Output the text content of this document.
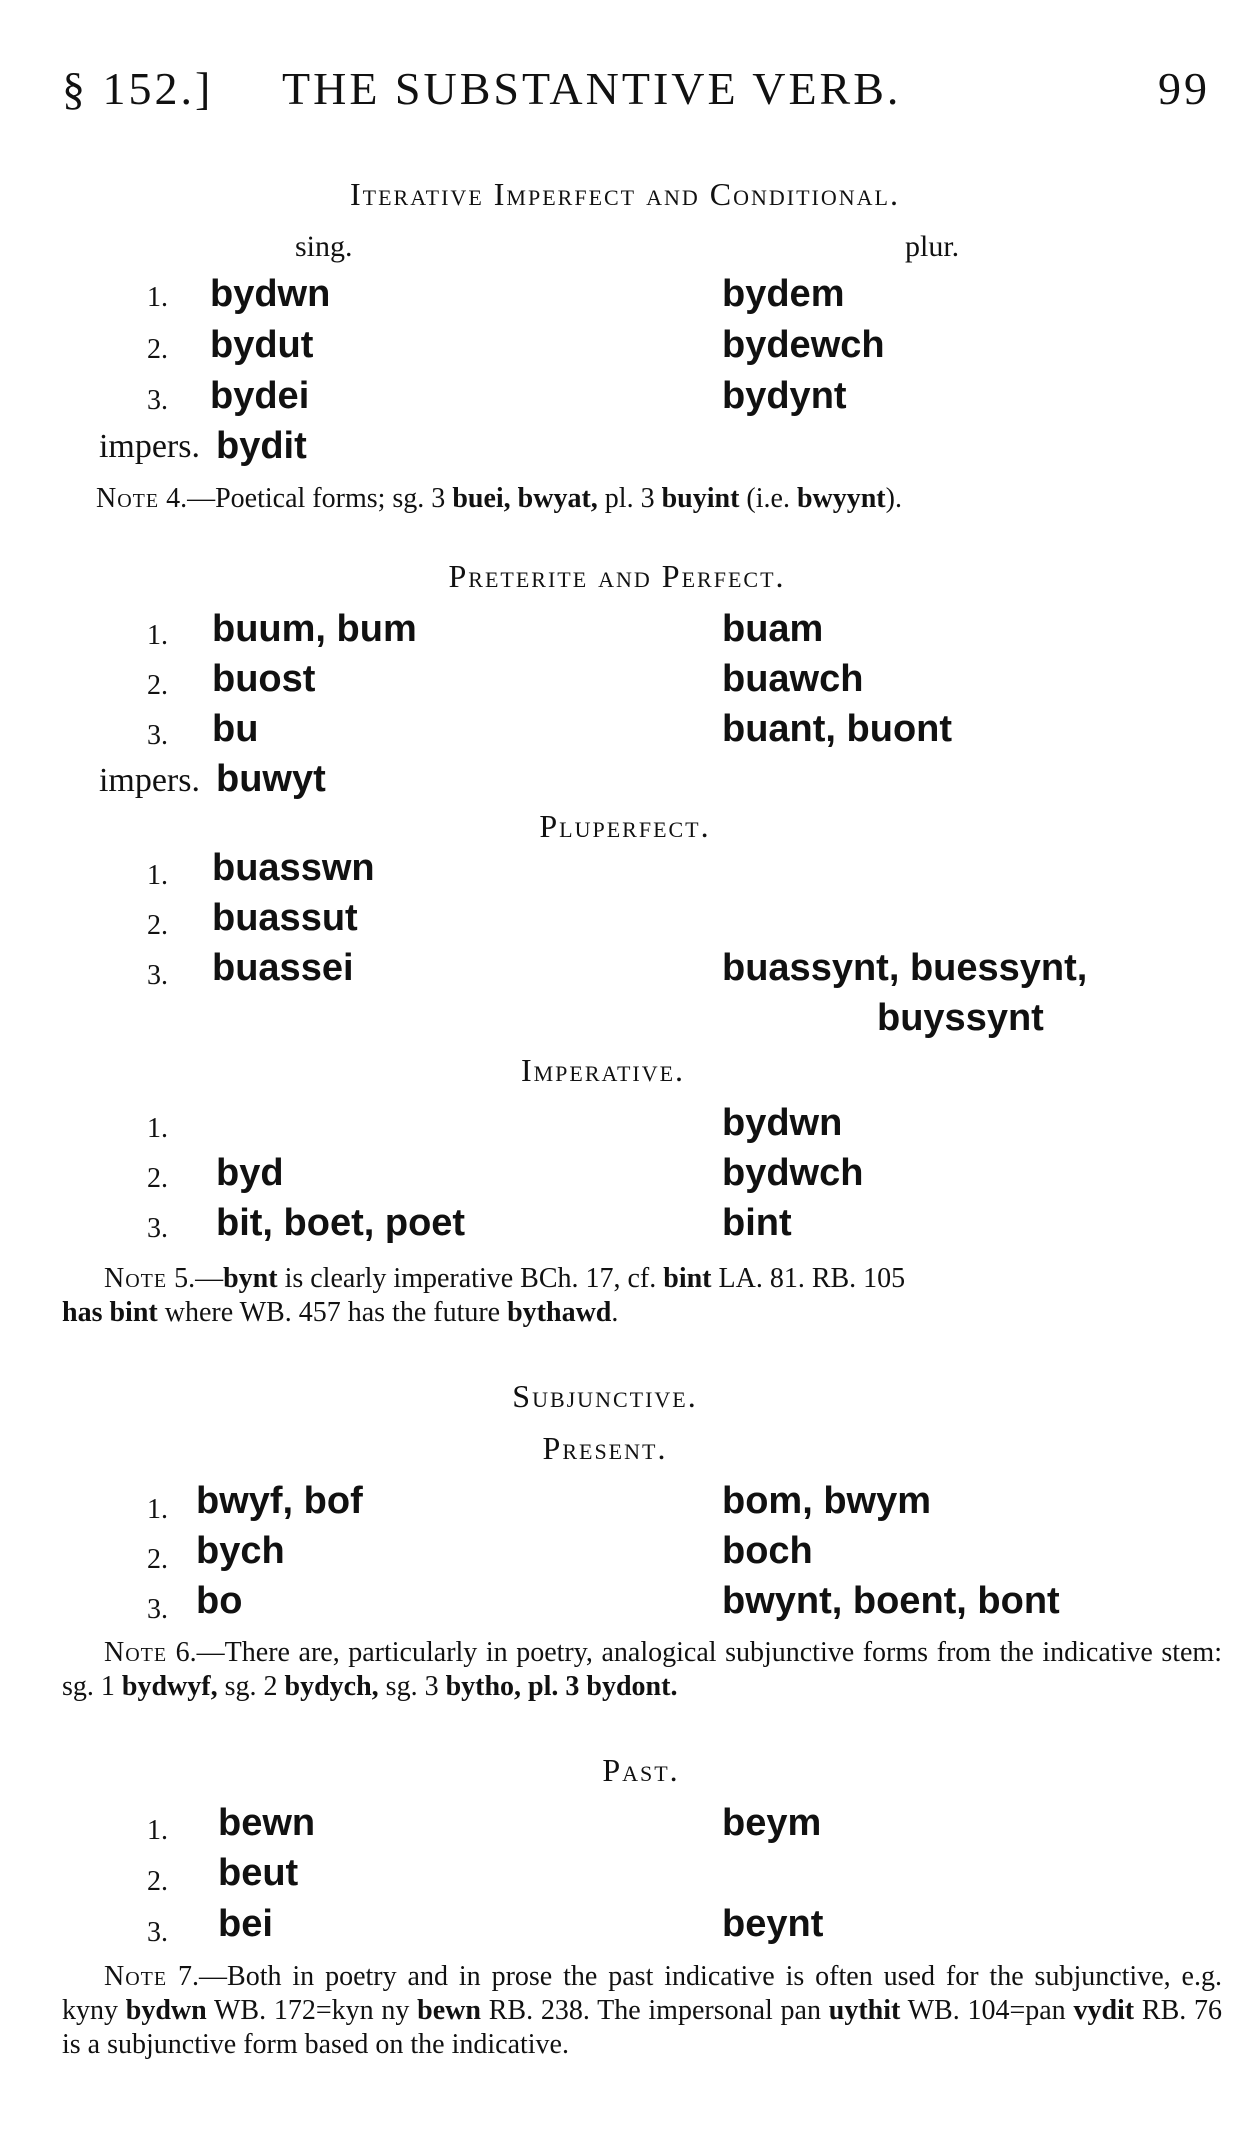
§ 152.] THE SUBSTANTIVE VERB.	99
Iterative Imperfect and Conditional.
sing.	plur.
1. bydwn	bydem
2. bydut	bydewch
3. bydei	bydynt
impers. bydit
Note 4.—Poetical forms; sg. 3 buei, bwyat, pl. 3 buyint (i.e. bwyynt).
Preterite and Perfect.
1. buum, bum	buam
2. buost	buawch
3. bu	buant, buont
impers. buwyt
Pluperfect.
1. buasswn
2. buassut
3. buassei	buassynt, buessynt,
buyssynt
Imperative.
1.	bydwn
2. byd	bydwch
3. bit, boet, poet	bint
Note 5.—bynt is clearly imperative BCh. 17, cf. bint LA. 81. RB. 105
has bint where WB. 457 has the future bythawd.
Subjunctive.
Present.
1. bwyf, bof	bom, bwym
2. bych	boch
3. bo	bwynt, boent, bont
Note 6.—There are, particularly in poetry, analogical subjunctive forms from the indicative stem: sg. 1 bydwyf, sg. 2 bydych, sg. 3 bytho, pl. 3 bydont.
Past.
1. bewn	beym
2. beut
3. bei	beynt
Note 7.—Both in poetry and in prose the past indicative is often used for the subjunctive, e.g. kyny bydwn WB. 172=kyn ny bewn RB. 238. The impersonal pan uythit WB. 104=pan vydit RB. 76 is a subjunctive form based on the indicative.
